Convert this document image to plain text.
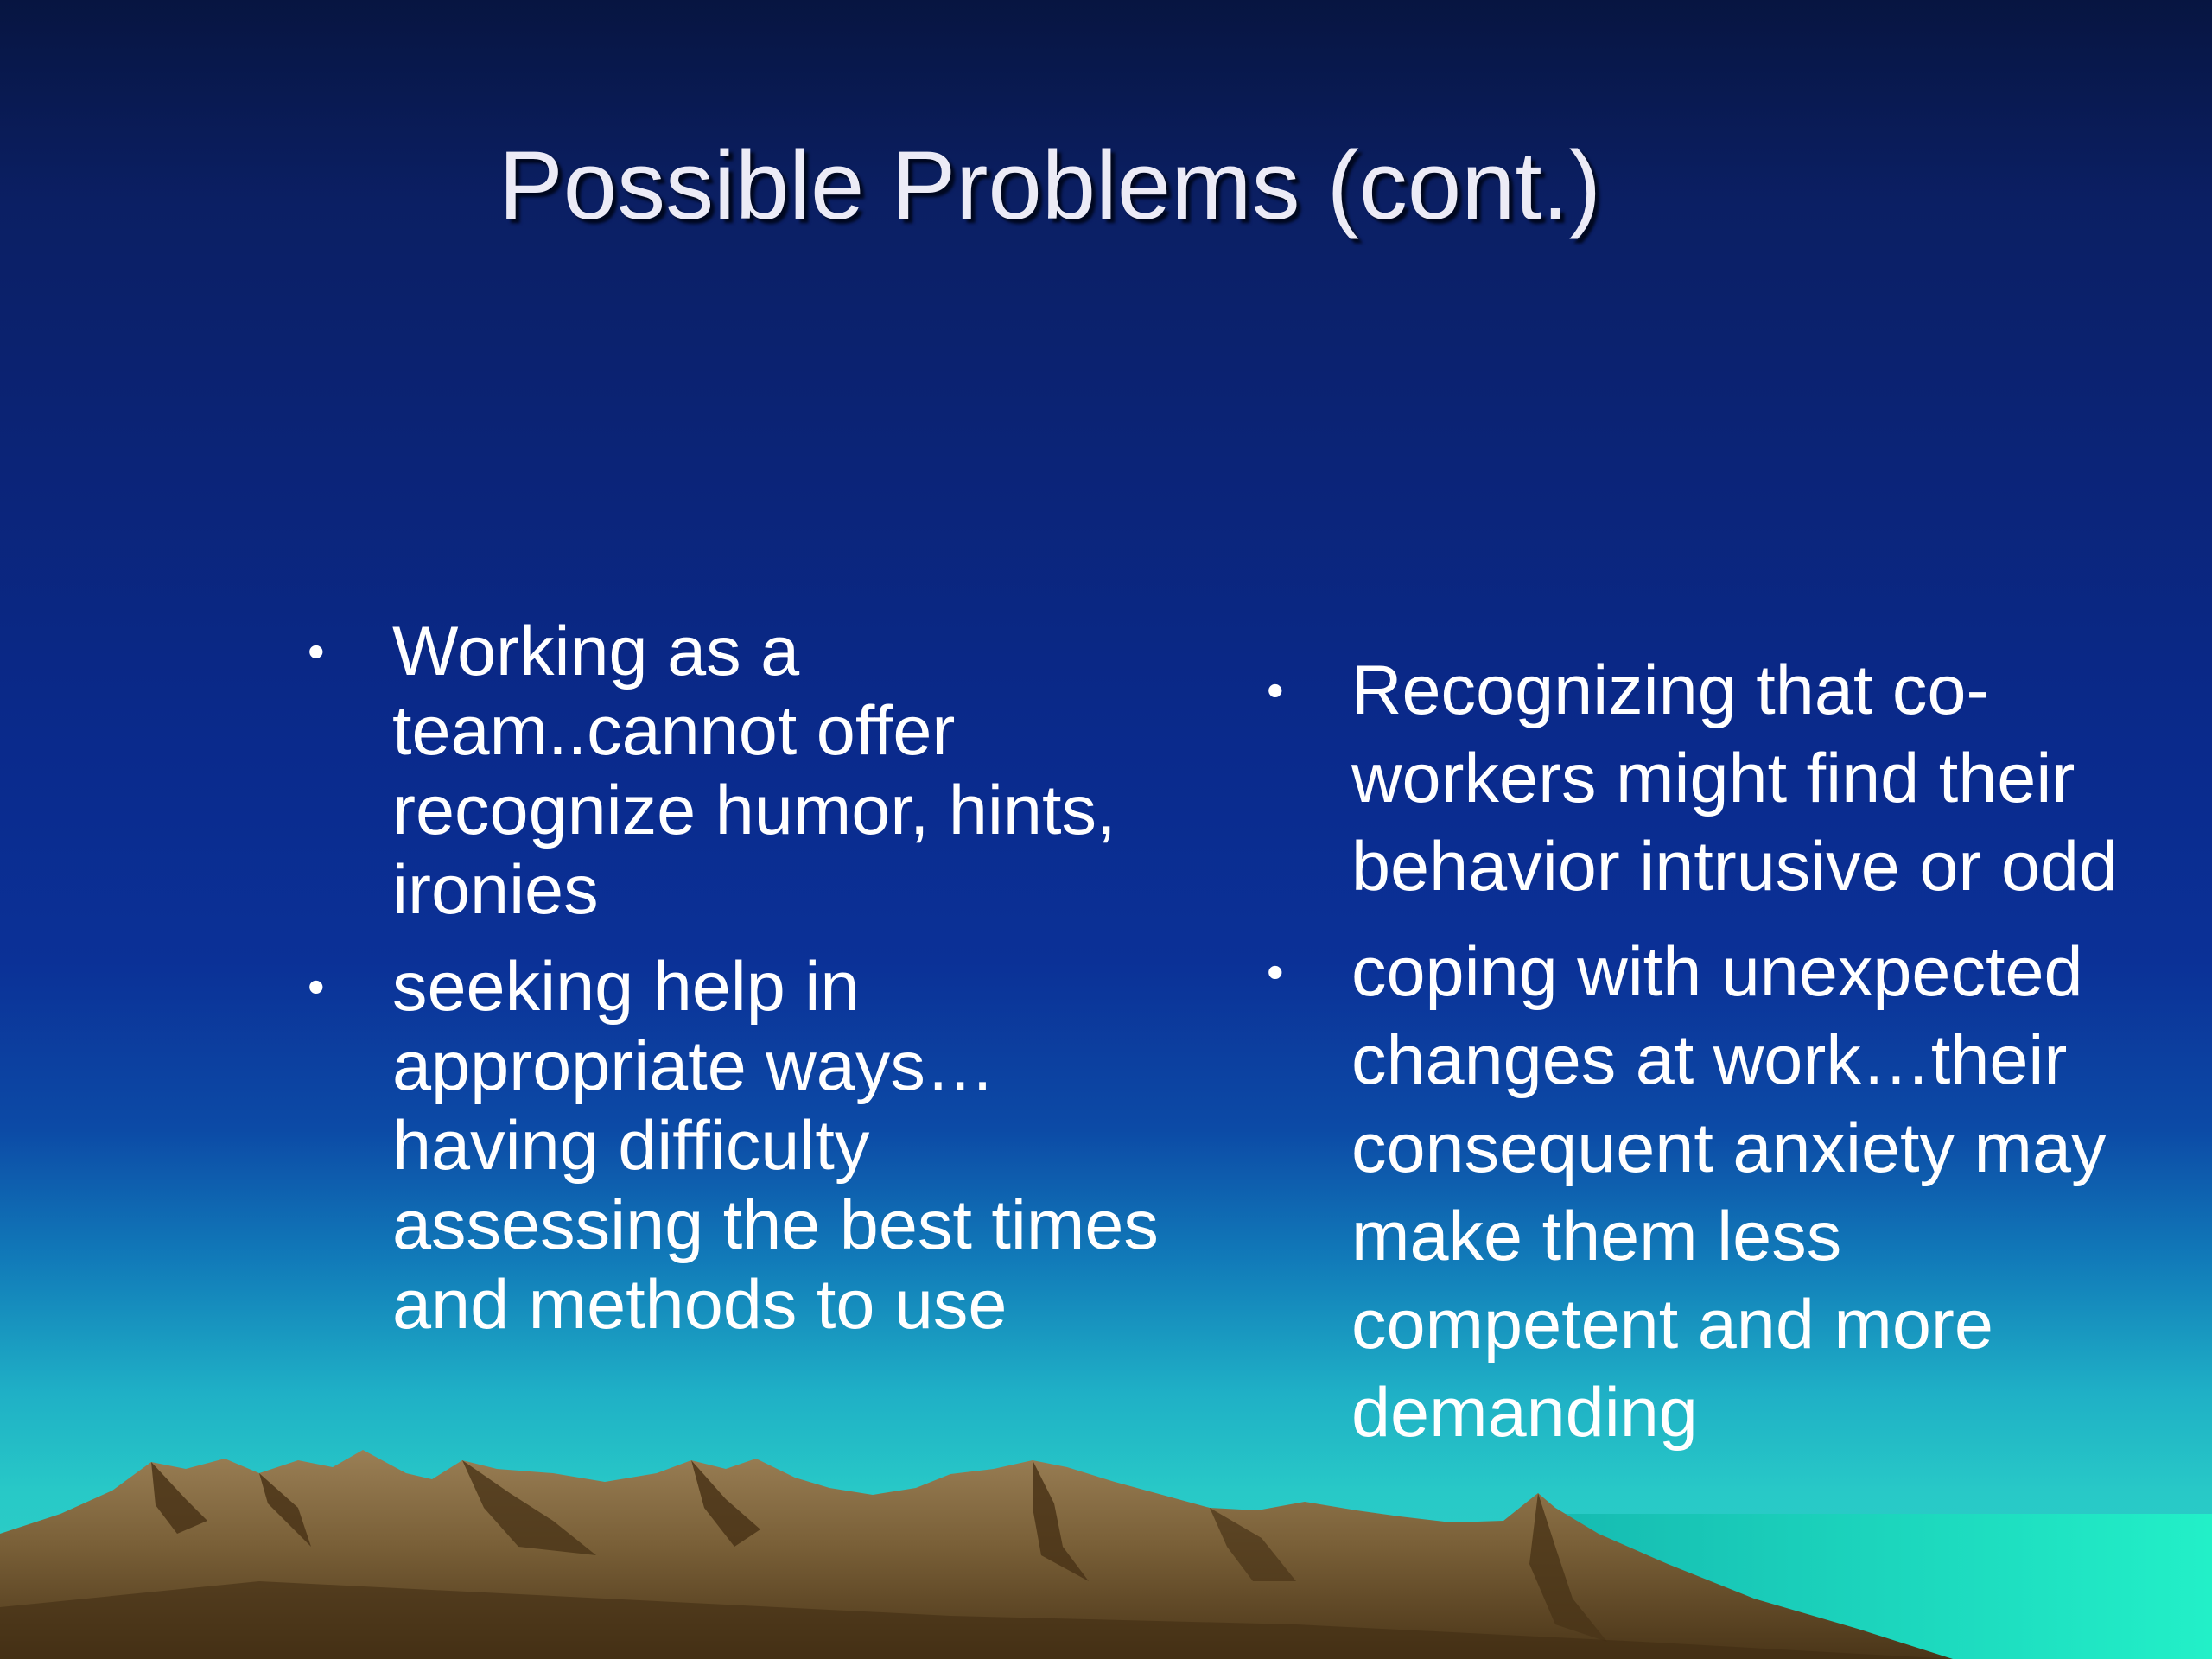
Possible Problems (cont.)
• Working as a team..cannot offer recognize humor, hints, ironies
• seeking help in appropriate ways…having difficulty assessing the best times and methods to use
• Recognizing that co-workers might find their behavior intrusive or odd
• coping with unexpected changes at work…their consequent anxiety may make them less competent and more demanding
